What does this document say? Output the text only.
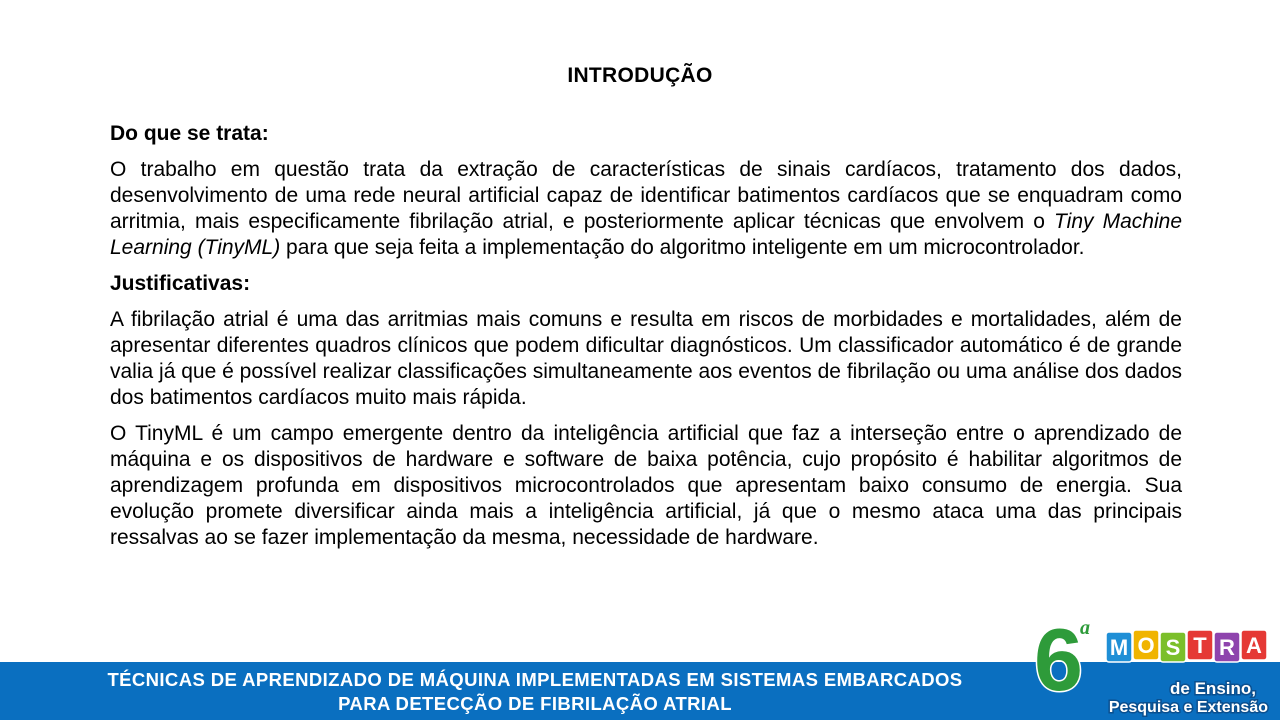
INTRODUÇÃO

Do que se trata:

O trabalho em questão trata da extração de características de sinais cardíacos, tratamento dos dados, desenvolvimento de uma rede neural artificial capaz de identificar batimentos cardíacos que se enquadram como arritmia, mais especificamente fibrilação atrial, e posteriormente aplicar técnicas que envolvem o Tiny Machine Learning (TinyML) para que seja feita a implementação do algoritmo inteligente em um microcontrolador.

Justificativas:

A fibrilação atrial é uma das arritmias mais comuns e resulta em riscos de morbidades e mortalidades, além de apresentar diferentes quadros clínicos que podem dificultar diagnósticos. Um classificador automático é de grande valia já que é possível realizar classificações simultaneamente aos eventos de fibrilação ou uma análise dos dados dos batimentos cardíacos muito mais rápida.

O TinyML é um campo emergente dentro da inteligência artificial que faz a interseção entre o aprendizado de máquina e os dispositivos de hardware e software de baixa potência, cujo propósito é habilitar algoritmos de aprendizagem profunda em dispositivos microcontrolados que apresentam baixo consumo de energia. Sua evolução promete diversificar ainda mais a inteligência artificial, já que o mesmo ataca uma das principais ressalvas ao se fazer implementação da mesma, necessidade de hardware.

TÉCNICAS DE APRENDIZADO DE MÁQUINA IMPLEMENTADAS EM SISTEMAS EMBARCADOS
PARA DETECÇÃO DE FIBRILAÇÃO ATRIAL	6
a
M O S T R A
de Ensino,
Pesquisa e Extensão
